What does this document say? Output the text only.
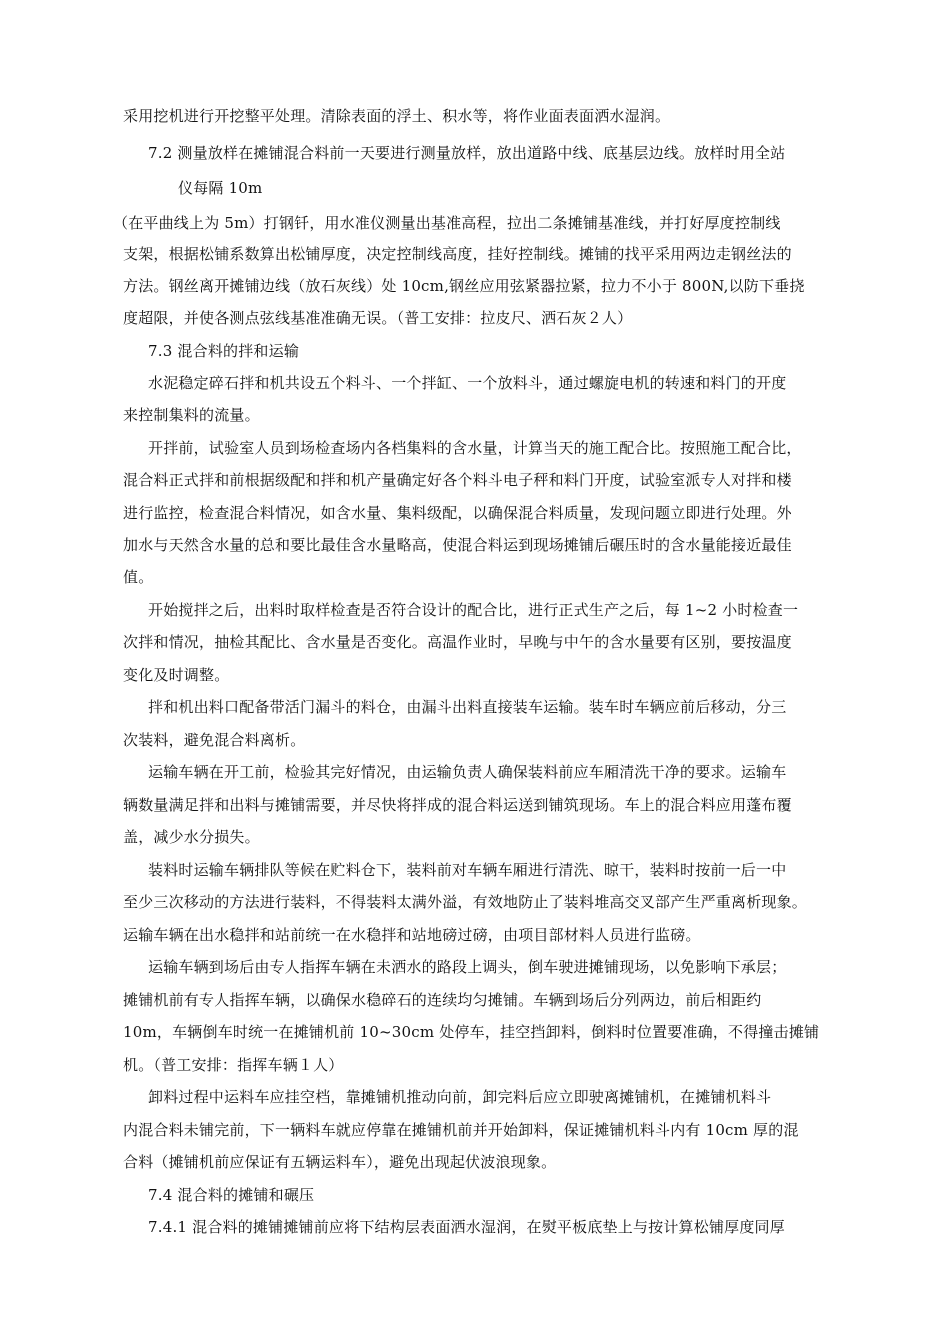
采用挖机进行开挖整平处理。清除表面的浮土、积水等，将作业面表面洒水湿润。
7.2 测量放样在摊铺混合料前一天要进行测量放样，放出道路中线、底基层边线。放样时用全站
仪每隔 10m
（在平曲线上为 5m）打钢钎，用水准仪测量出基准高程，拉出二条摊铺基准线，并打好厚度控制线
支架，根据松铺系数算出松铺厚度，决定控制线高度，挂好控制线。摊铺的找平采用两边走钢丝法的
方法。钢丝离开摊铺边线（放石灰线）处 10cm,钢丝应用弦紧器拉紧，拉力不小于 800N,以防下垂挠
度超限，并使各测点弦线基准准确无误。（普工安排：拉皮尺、洒石灰２人）
7.3 混合料的拌和运输
水泥稳定碎石拌和机共设五个料斗、一个拌缸、一个放料斗，通过螺旋电机的转速和料门的开度
来控制集料的流量。
开拌前，试验室人员到场检查场内各档集料的含水量，计算当天的施工配合比。按照施工配合比，
混合料正式拌和前根据级配和拌和机产量确定好各个料斗电子秤和料门开度，试验室派专人对拌和楼
进行监控，检查混合料情况，如含水量、集料级配，以确保混合料质量，发现问题立即进行处理。外
加水与天然含水量的总和要比最佳含水量略高，使混合料运到现场摊铺后碾压时的含水量能接近最佳
值。
开始搅拌之后，出料时取样检查是否符合设计的配合比，进行正式生产之后，每 1~2 小时检查一
次拌和情况，抽检其配比、含水量是否变化。高温作业时，早晚与中午的含水量要有区别，要按温度
变化及时调整。
拌和机出料口配备带活门漏斗的料仓，由漏斗出料直接装车运输。装车时车辆应前后移动，分三
次装料，避免混合料离析。
运输车辆在开工前，检验其完好情况，由运输负责人确保装料前应车厢清洗干净的要求。运输车
辆数量满足拌和出料与摊铺需要，并尽快将拌成的混合料运送到铺筑现场。车上的混合料应用蓬布覆
盖，减少水分损失。
装料时运输车辆排队等候在贮料仓下，装料前对车辆车厢进行清洗、晾干，装料时按前一后一中
至少三次移动的方法进行装料，不得装料太满外溢，有效地防止了装料堆高交叉部产生严重离析现象。
运输车辆在出水稳拌和站前统一在水稳拌和站地磅过磅，由项目部材料人员进行监磅。
运输车辆到场后由专人指挥车辆在未洒水的路段上调头，倒车驶进摊铺现场，以免影响下承层；
摊铺机前有专人指挥车辆，以确保水稳碎石的连续均匀摊铺。车辆到场后分列两边，前后相距约
10m，车辆倒车时统一在摊铺机前 10~30cm 处停车，挂空挡卸料，倒料时位置要准确，不得撞击摊铺
机。（普工安排：指挥车辆１人）
卸料过程中运料车应挂空档，靠摊铺机推动向前，卸完料后应立即驶离摊铺机，在摊铺机料斗
内混合料未铺完前，下一辆料车就应停靠在摊铺机前并开始卸料，保证摊铺机料斗内有 10cm 厚的混
合料（摊铺机前应保证有五辆运料车），避免出现起伏波浪现象。
7.4 混合料的摊铺和碾压
7.4.1 混合料的摊铺摊铺前应将下结构层表面洒水湿润，在熨平板底垫上与按计算松铺厚度同厚
